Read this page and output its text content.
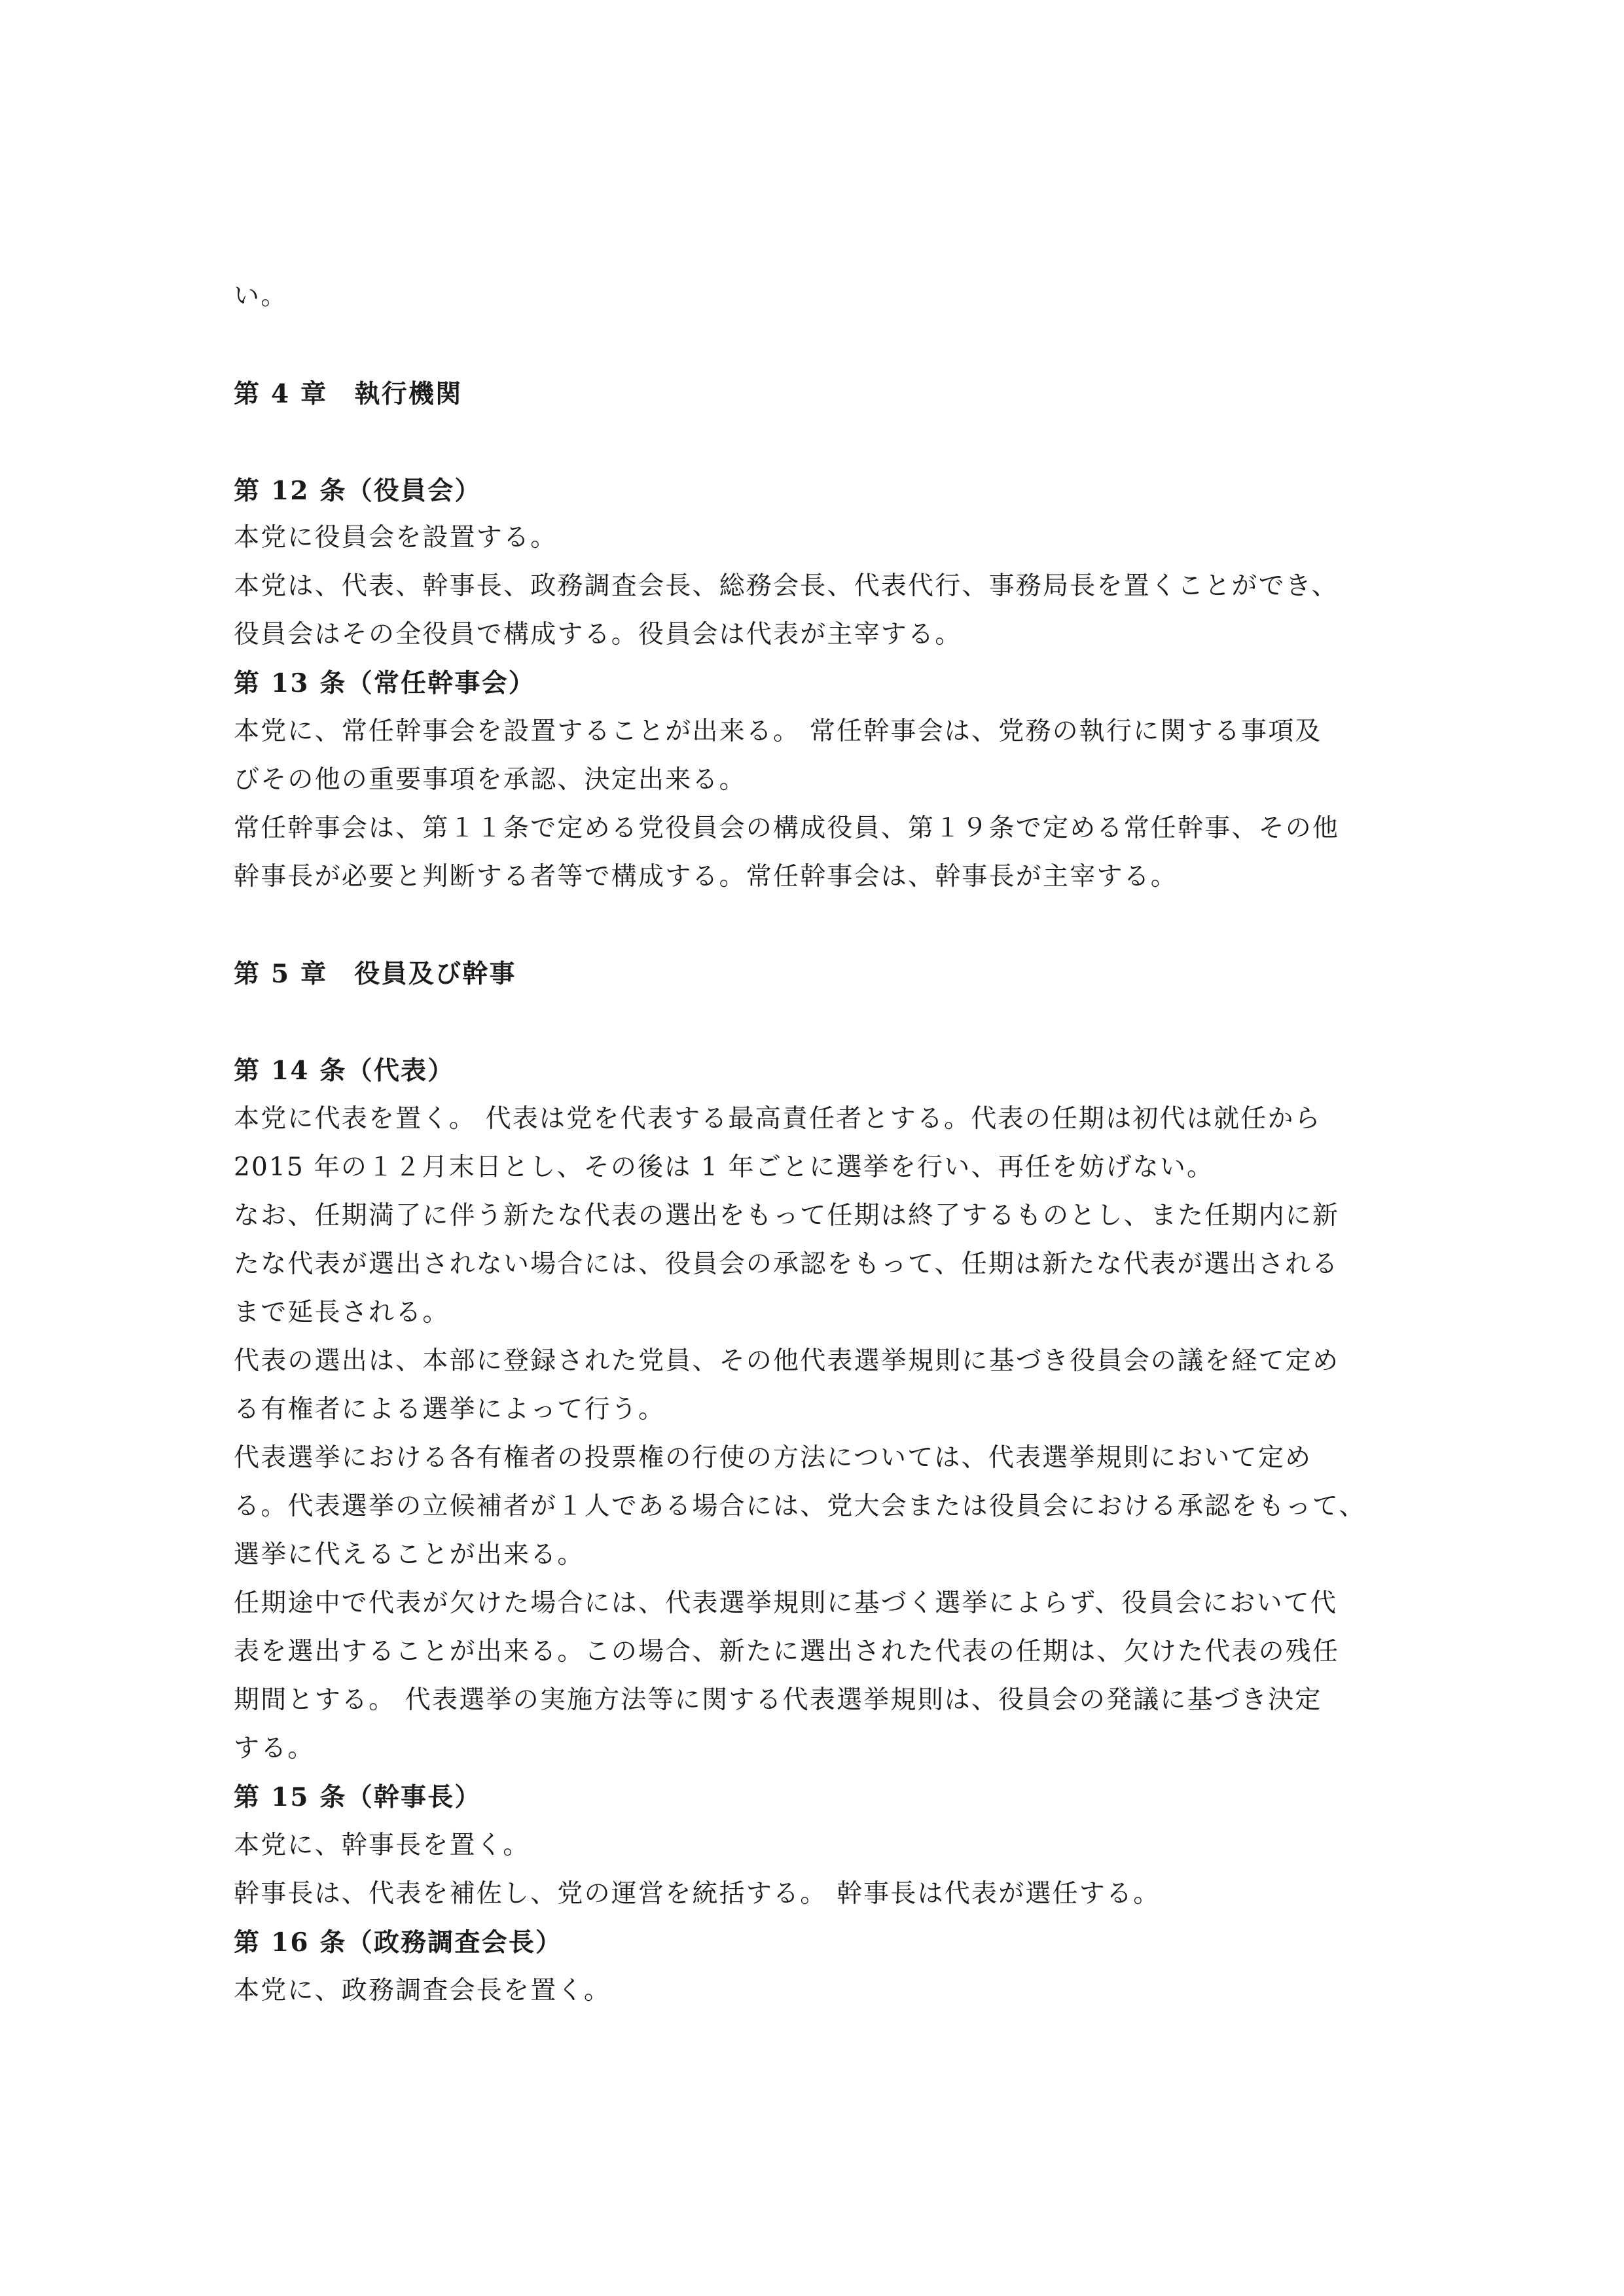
い。

第 4 章　執行機関

第 12 条（役員会）

本党に役員会を設置する。

本党は、代表、幹事長、政務調査会長、総務会長、代表代行、事務局長を置くことができ、

役員会はその全役員で構成する。役員会は代表が主宰する。

第 13 条（常任幹事会）

本党に、常任幹事会を設置することが出来る。 常任幹事会は、党務の執行に関する事項及

びその他の重要事項を承認、決定出来る。

常任幹事会は、第１１条で定める党役員会の構成役員、第１９条で定める常任幹事、その他

幹事長が必要と判断する者等で構成する。常任幹事会は、幹事長が主宰する。

第 5 章　役員及び幹事

第 14 条（代表）

本党に代表を置く。 代表は党を代表する最高責任者とする。代表の任期は初代は就任から

2015 年の１２月末日とし、その後は 1 年ごとに選挙を行い、再任を妨げない。

なお、任期満了に伴う新たな代表の選出をもって任期は終了するものとし、また任期内に新

たな代表が選出されない場合には、役員会の承認をもって、任期は新たな代表が選出される

まで延長される。

代表の選出は、本部に登録された党員、その他代表選挙規則に基づき役員会の議を経て定め

る有権者による選挙によって行う。

代表選挙における各有権者の投票権の行使の方法については、代表選挙規則において定め

る。代表選挙の立候補者が１人である場合には、党大会または役員会における承認をもって、

選挙に代えることが出来る。

任期途中で代表が欠けた場合には、代表選挙規則に基づく選挙によらず、役員会において代

表を選出することが出来る。この場合、新たに選出された代表の任期は、欠けた代表の残任

期間とする。 代表選挙の実施方法等に関する代表選挙規則は、役員会の発議に基づき決定

する。

第 15 条（幹事長）

本党に、幹事長を置く。

幹事長は、代表を補佐し、党の運営を統括する。 幹事長は代表が選任する。

第 16 条（政務調査会長）

本党に、政務調査会長を置く。
